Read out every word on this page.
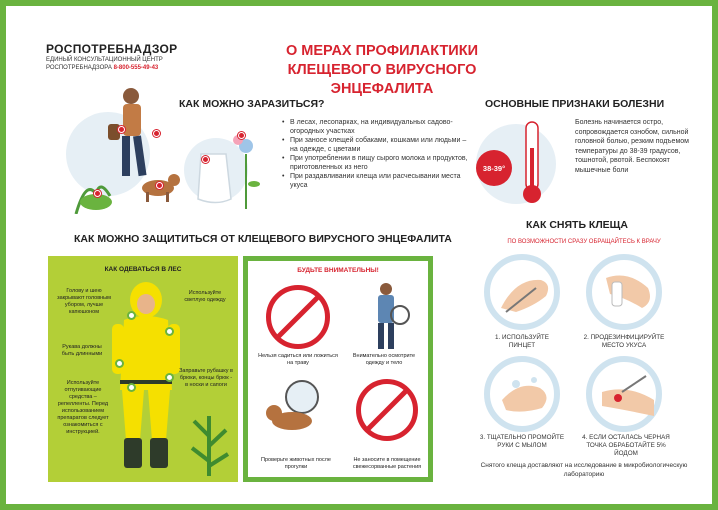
РОСПОТРЕБНАДЗОР
ЕДИНЫЙ КОНСУЛЬТАЦИОННЫЙ ЦЕНТР
РОСПОТРЕБНАДЗОРА 8-800-555-49-43
О МЕРАХ ПРОФИЛАКТИКИ
КЛЕЩЕВОГО ВИРУСНОГО ЭНЦЕФАЛИТА
КАК МОЖНО ЗАРАЗИТЬСЯ?
• В лесах, лесопарках, на индивидуальных садово-огородных участках
• При заносе клещей собаками, кошками или людьми – на одежде, с цветами
• При употреблении в пищу сырого молока и продуктов, приготовленных из него
• При раздавливании клеща или расчесывании места укуса
ОСНОВНЫЕ ПРИЗНАКИ БОЛЕЗНИ
38-39°
Болезнь начинается остро, сопровождается ознобом, сильной головной болью, резким подъемом температуры до 38-39 градусов, тошнотой, рвотой. Беспокоят мышечные боли
КАК МОЖНО ЗАЩИТИТЬСЯ ОТ КЛЕЩЕВОГО ВИРУСНОГО ЭНЦЕФАЛИТА
КАК ОДЕВАТЬСЯ В ЛЕС
Голову и шею закрывают головным убором, лучше капюшоном
Используйте светлую одежду
Рукава должны быть длинными
Заправьте рубашку в брюки, концы брюк - в носки и сапоги
Используйте отпугивающие средства – репелленты. Перед использованием препаратов следует ознакомиться с инструкцией.
БУДЬТЕ ВНИМАТЕЛЬНЫ!
Нельзя садиться или ложиться на траву
Внимательно осмотрите одежду и тело
Проверьте животных после прогулки
Не заносите в помещение свежесорванные растения
КАК СНЯТЬ КЛЕЩА
ПО ВОЗМОЖНОСТИ СРАЗУ ОБРАЩАЙТЕСЬ К ВРАЧУ
1. ИСПОЛЬЗУЙТЕ ПИНЦЕТ
2. ПРОДЕЗИНФИЦИРУЙТЕ МЕСТО УКУСА
3. ТЩАТЕЛЬНО ПРОМОЙТЕ РУКИ С МЫЛОМ
4. ЕСЛИ ОСТАЛАСЬ ЧЕРНАЯ ТОЧКА ОБРАБОТАЙТЕ 5% ЙОДОМ
Снятого клеща доставляют на исследование в микробиологическую лабораторию
